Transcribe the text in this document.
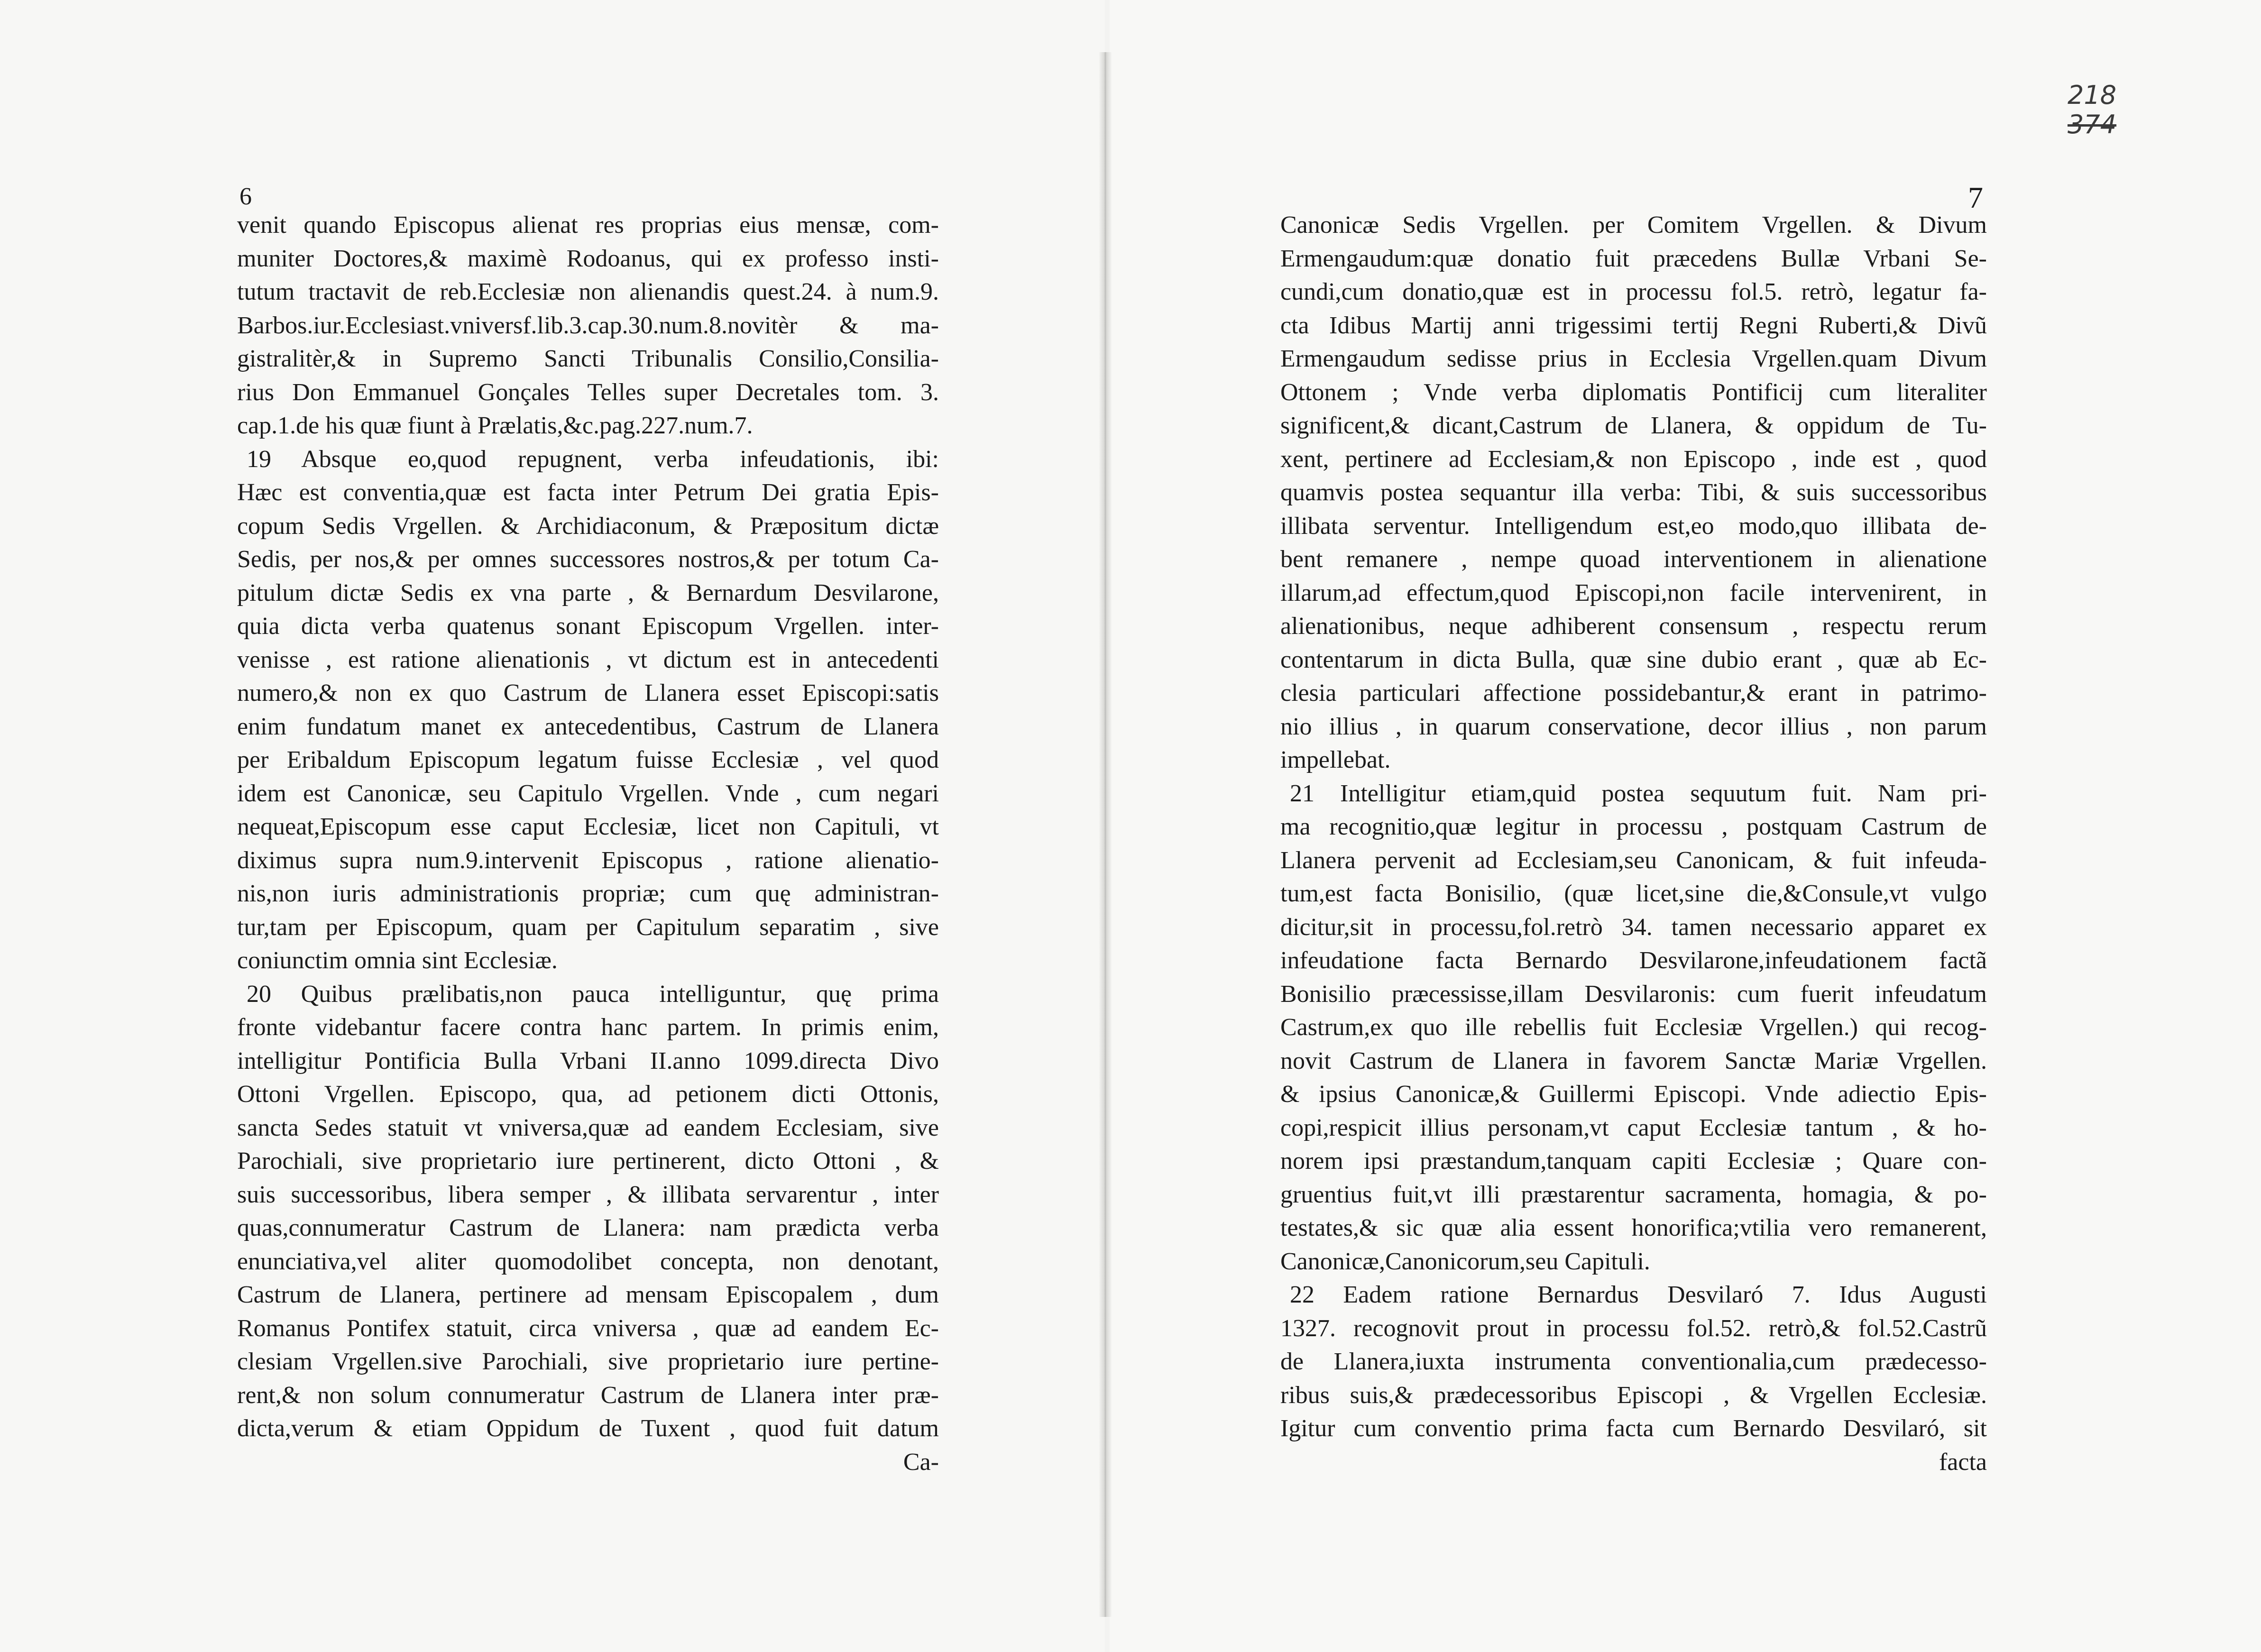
6	7
218
374
venit quando Episcopus alienat res proprias eius mensæ, com-
muniter Doctores,& maximè Rodoanus, qui ex professo insti-
tutum tractavit de reb.Ecclesiæ non alienandis quest.24. à num.9.
Barbos.iur.Ecclesiast.vniversf.lib.3.cap.30.num.8.novitèr & ma-
gistralitèr,& in Supremo Sancti Tribunalis Consilio,Consilia-
rius Don Emmanuel Gonçales Telles super Decretales tom. 3.
cap.1.de his quæ fiunt à Prælatis,&c.pag.227.num.7.
19 Absque eo,quod repugnent, verba infeudationis, ibi:
Hæc est conventia,quæ est facta inter Petrum Dei gratia Epis-
copum Sedis Vrgellen. & Archidiaconum, & Præpositum dictæ
Sedis, per nos,& per omnes successores nostros,& per totum Ca-
pitulum dictæ Sedis ex vna parte , & Bernardum Desvilarone,
quia dicta verba quatenus sonant Episcopum Vrgellen. inter-
venisse , est ratione alienationis , vt dictum est in antecedenti
numero,& non ex quo Castrum de Llanera esset Episcopi:satis
enim fundatum manet ex antecedentibus, Castrum de Llanera
per Eribaldum Episcopum legatum fuisse Ecclesiæ , vel quod
idem est Canonicæ, seu Capitulo Vrgellen. Vnde , cum negari
nequeat,Episcopum esse caput Ecclesiæ, licet non Capituli, vt
diximus supra num.9.intervenit Episcopus , ratione alienatio-
nis,non iuris administrationis propriæ; cum quę administran-
tur,tam per Episcopum, quam per Capitulum separatim , sive
coniunctim omnia sint Ecclesiæ.
20 Quibus prælibatis,non pauca intelliguntur, quę prima
fronte videbantur facere contra hanc partem. In primis enim,
intelligitur Pontificia Bulla Vrbani II.anno 1099.directa Divo
Ottoni Vrgellen. Episcopo, qua, ad petionem dicti Ottonis,
sancta Sedes statuit vt vniversa,quæ ad eandem Ecclesiam, sive
Parochiali, sive proprietario iure pertinerent, dicto Ottoni , &
suis successoribus, libera semper , & illibata servarentur , inter
quas,connumeratur Castrum de Llanera: nam prædicta verba
enunciativa,vel aliter quomodolibet concepta, non denotant,
Castrum de Llanera, pertinere ad mensam Episcopalem , dum
Romanus Pontifex statuit, circa vniversa , quæ ad eandem Ec-
clesiam Vrgellen.sive Parochiali, sive proprietario iure pertine-
rent,& non solum connumeratur Castrum de Llanera inter præ-
dicta,verum & etiam Oppidum de Tuxent , quod fuit datum
Ca-
Canonicæ Sedis Vrgellen. per Comitem Vrgellen. & Divum
Ermengaudum:quæ donatio fuit præcedens Bullæ Vrbani Se-
cundi,cum donatio,quæ est in processu fol.5. retrò, legatur fa-
cta Idibus Martij anni trigessimi tertij Regni Ruberti,& Divũ
Ermengaudum sedisse prius in Ecclesia Vrgellen.quam Divum
Ottonem ; Vnde verba diplomatis Pontificij cum literaliter
significent,& dicant,Castrum de Llanera, & oppidum de Tu-
xent, pertinere ad Ecclesiam,& non Episcopo , inde est , quod
quamvis postea sequantur illa verba: Tibi, & suis successoribus
illibata serventur. Intelligendum est,eo modo,quo illibata de-
bent remanere , nempe quoad interventionem in alienatione
illarum,ad effectum,quod Episcopi,non facile intervenirent, in
alienationibus, neque adhiberent consensum , respectu rerum
contentarum in dicta Bulla, quæ sine dubio erant , quæ ab Ec-
clesia particulari affectione possidebantur,& erant in patrimo-
nio illius , in quarum conservatione, decor illius , non parum
impellebat.
21 Intelligitur etiam,quid postea sequutum fuit. Nam pri-
ma recognitio,quæ legitur in processu , postquam Castrum de
Llanera pervenit ad Ecclesiam,seu Canonicam, & fuit infeuda-
tum,est facta Bonisilio, (quæ licet,sine die,&Consule,vt vulgo
dicitur,sit in processu,fol.retrò 34. tamen necessario apparet ex
infeudatione facta Bernardo Desvilarone,infeudationem factã
Bonisilio præcessisse,illam Desvilaronis: cum fuerit infeudatum
Castrum,ex quo ille rebellis fuit Ecclesiæ Vrgellen.) qui recog-
novit Castrum de Llanera in favorem Sanctæ Mariæ Vrgellen.
& ipsius Canonicæ,& Guillermi Episcopi. Vnde adiectio Epis-
copi,respicit illius personam,vt caput Ecclesiæ tantum , & ho-
norem ipsi præstandum,tanquam capiti Ecclesiæ ; Quare con-
gruentius fuit,vt illi præstarentur sacramenta, homagia, & po-
testates,& sic quæ alia essent honorifica;vtilia vero remanerent,
Canonicæ,Canonicorum,seu Capituli.
22 Eadem ratione Bernardus Desvilaró 7. Idus Augusti
1327. recognovit prout in processu fol.52. retrò,& fol.52.Castrũ
de Llanera,iuxta instrumenta conventionalia,cum prædecesso-
ribus suis,& prædecessoribus Episcopi , & Vrgellen Ecclesiæ.
Igitur cum conventio prima facta cum Bernardo Desvilaró, sit
facta
